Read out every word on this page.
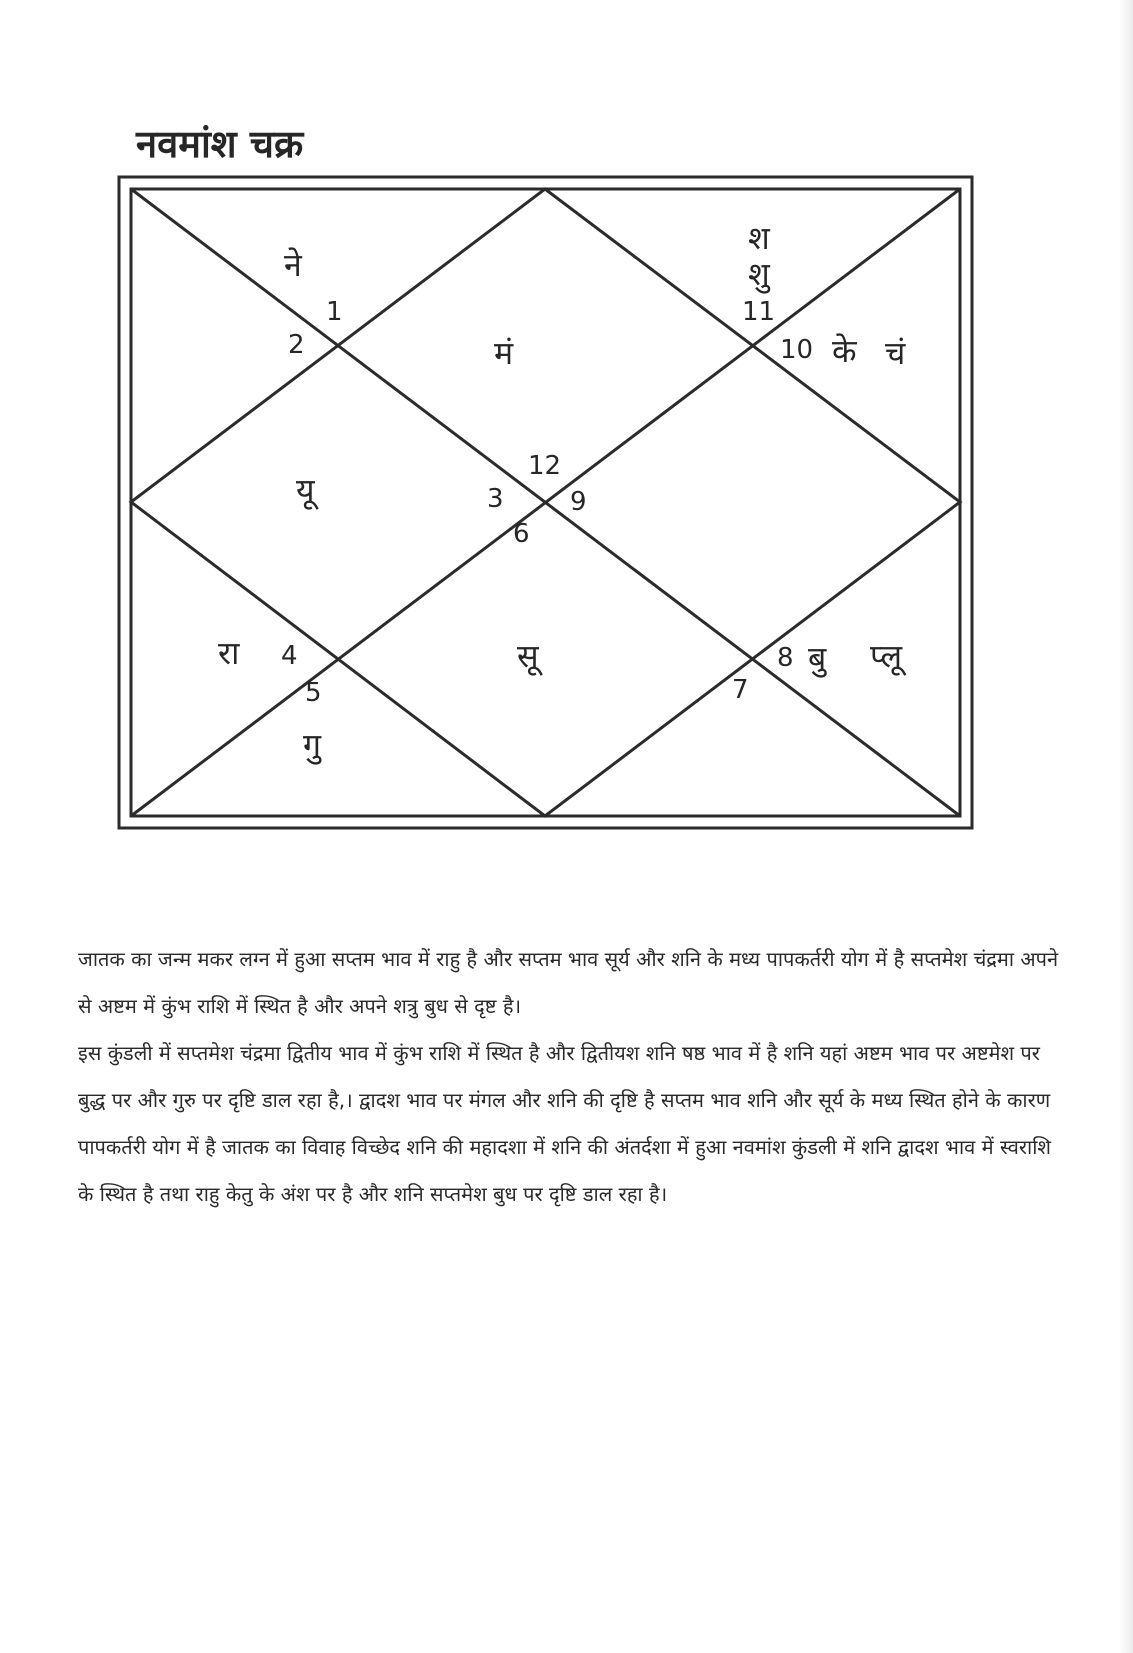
नवमांश चक्र
1
2
3
4
5
6
7
8
9
10
11
12
ने
श
शु
के चं
मं
यू
रा
गु
सू	बु प्लू

जातक का जन्म मकर लग्न में हुआ सप्तम भाव में राहु है और सप्तम भाव सूर्य और शनि के मध्य पापकर्तरी योग में है सप्तमेश चंद्रमा अपने से अष्टम में कुंभ राशि में स्थित है और अपने शत्रु बुध से दृष्ट है।

इस कुंडली में सप्तमेश चंद्रमा द्वितीय भाव में कुंभ राशि में स्थित है और द्वितीयश शनि षष्ठ भाव में है शनि यहां अष्टम भाव पर अष्टमेश पर बुद्ध पर और गुरु पर दृष्टि डाल रहा है,। द्वादश भाव पर मंगल और शनि की दृष्टि है सप्तम भाव शनि और सूर्य के मध्य स्थित होने के कारण पापकर्तरी योग में है जातक का विवाह विच्छेद शनि की महादशा में शनि की अंतर्दशा में हुआ नवमांश कुंडली में शनि द्वादश भाव में स्वराशि के स्थित है तथा राहु केतु के अंश पर है और शनि सप्तमेश बुध पर दृष्टि डाल रहा है।
